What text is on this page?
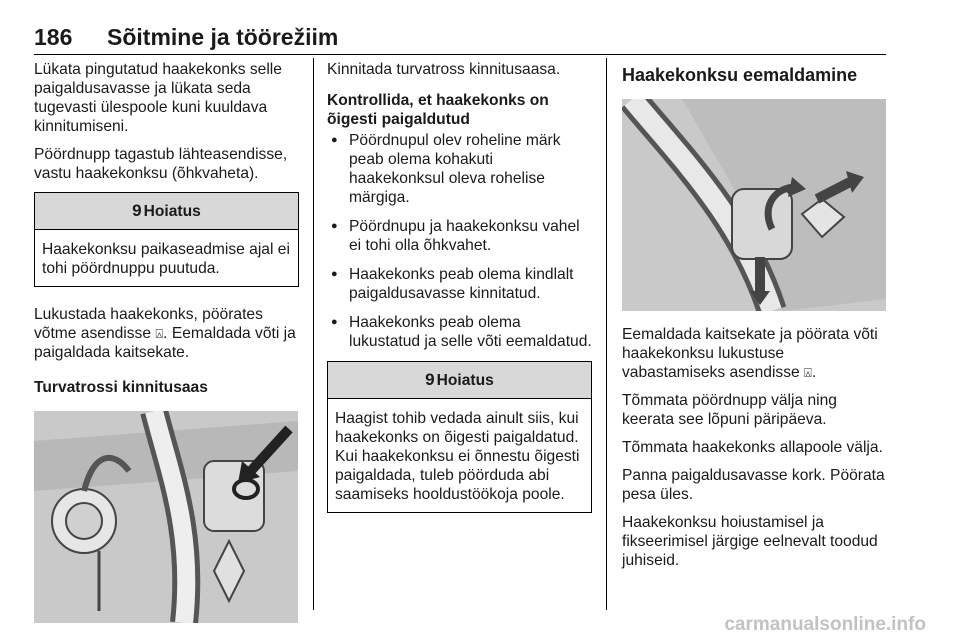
186 Sõitmine ja töörežiim

Lükata pingutatud haakekonks selle paigaldusavasse ja lükata seda tugevasti ülespoole kuni kuuldava kinnitumiseni.

Pöördnupp tagastub lähteasendisse, vastu haakekonksu (õhkvaheta).

9 Hoiatus
Haakekonksu paikaseadmise ajal ei tohi pöördnuppu puutuda.

Lukustada haakekonks, pöörates võtme asendisse ⍓. Eemaldada võti ja paigaldada kaitsekate.

Turvatrossi kinnitusaas

Kinnitada turvatross kinnitusaasa.

Kontrollida, et haakekonks on õigesti paigaldutud

● Pöördnupul olev roheline märk peab olema kohakuti haakekonksul oleva rohelise märgiga.
● Pöördnupu ja haakekonksu vahel ei tohi olla õhkvahet.
● Haakekonks peab olema kindlalt paigaldusavasse kinnitatud.
● Haakekonks peab olema lukustatud ja selle võti eemaldatud.
9 Hoiatus
Haagist tohib vedada ainult siis, kui haakekonks on õigesti paigaldatud. Kui haakekonksu ei õnnestu õigesti paigaldada, tuleb pöörduda abi saamiseks hooldustöökoja poole.
Haakekonksu eemaldamine

Eemaldada kaitsekate ja pöörata võti haakekonksu lukustuse vabastamiseks asendisse ⍓.

Tõmmata pöördnupp välja ning keerata see lõpuni päripäeva.

Tõmmata haakekonks allapoole välja.

Panna paigaldusavasse kork. Pöörata pesa üles.

Haakekonksu hoiustamisel ja fikseerimisel järgige eelnevalt toodud juhiseid.

carmanualsonline.info
